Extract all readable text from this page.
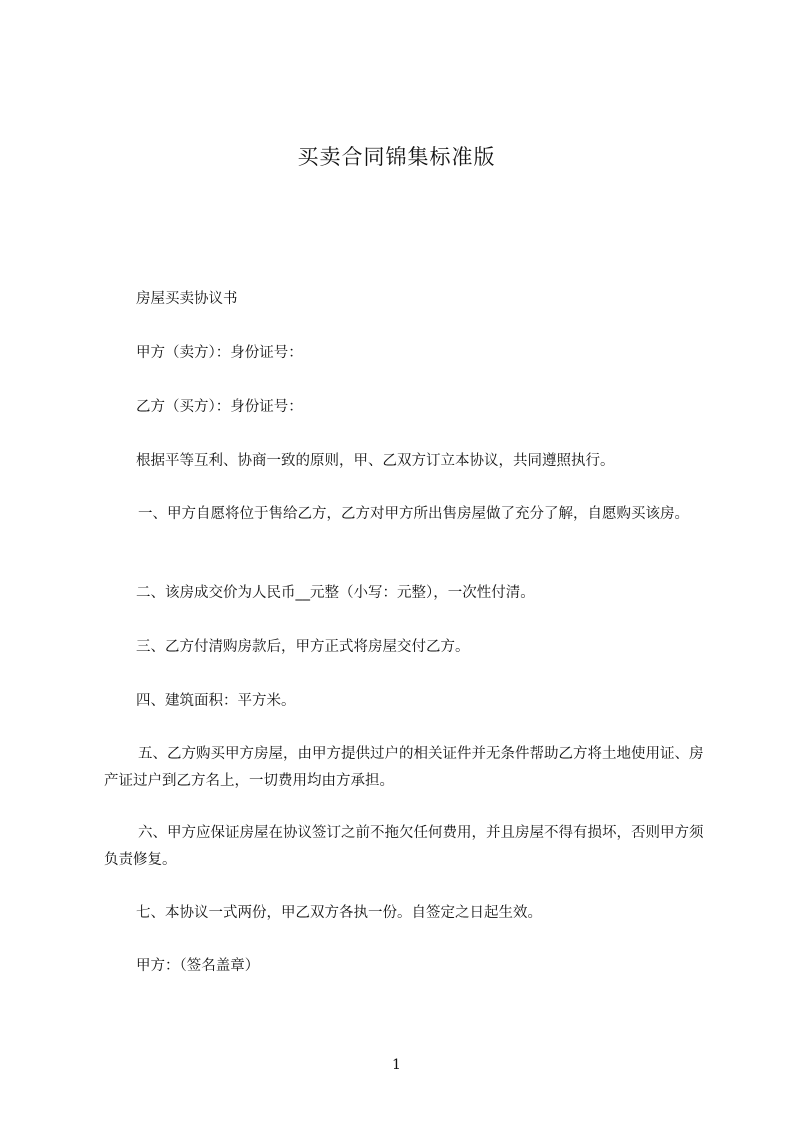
买卖合同锦集标准版
房屋买卖协议书
甲方（卖方）：身份证号：
乙方（买方）：身份证号：
根据平等互利、协商一致的原则，甲、乙双方订立本协议，共同遵照执行。
一、甲方自愿将位于售给乙方，乙方对甲方所出售房屋做了充分了解，自愿购买该房。
二、该房成交价为人民币__元整（小写：元整），一次性付清。
三、乙方付清购房款后，甲方正式将房屋交付乙方。
四、建筑面积：平方米。
五、乙方购买甲方房屋，由甲方提供过户的相关证件并无条件帮助乙方将土地使用证、房产证过户到乙方名上，一切费用均由方承担。
六、甲方应保证房屋在协议签订之前不拖欠任何费用，并且房屋不得有损坏，否则甲方须负责修复。
七、本协议一式两份，甲乙双方各执一份。自签定之日起生效。
甲方：（签名盖章）
1
